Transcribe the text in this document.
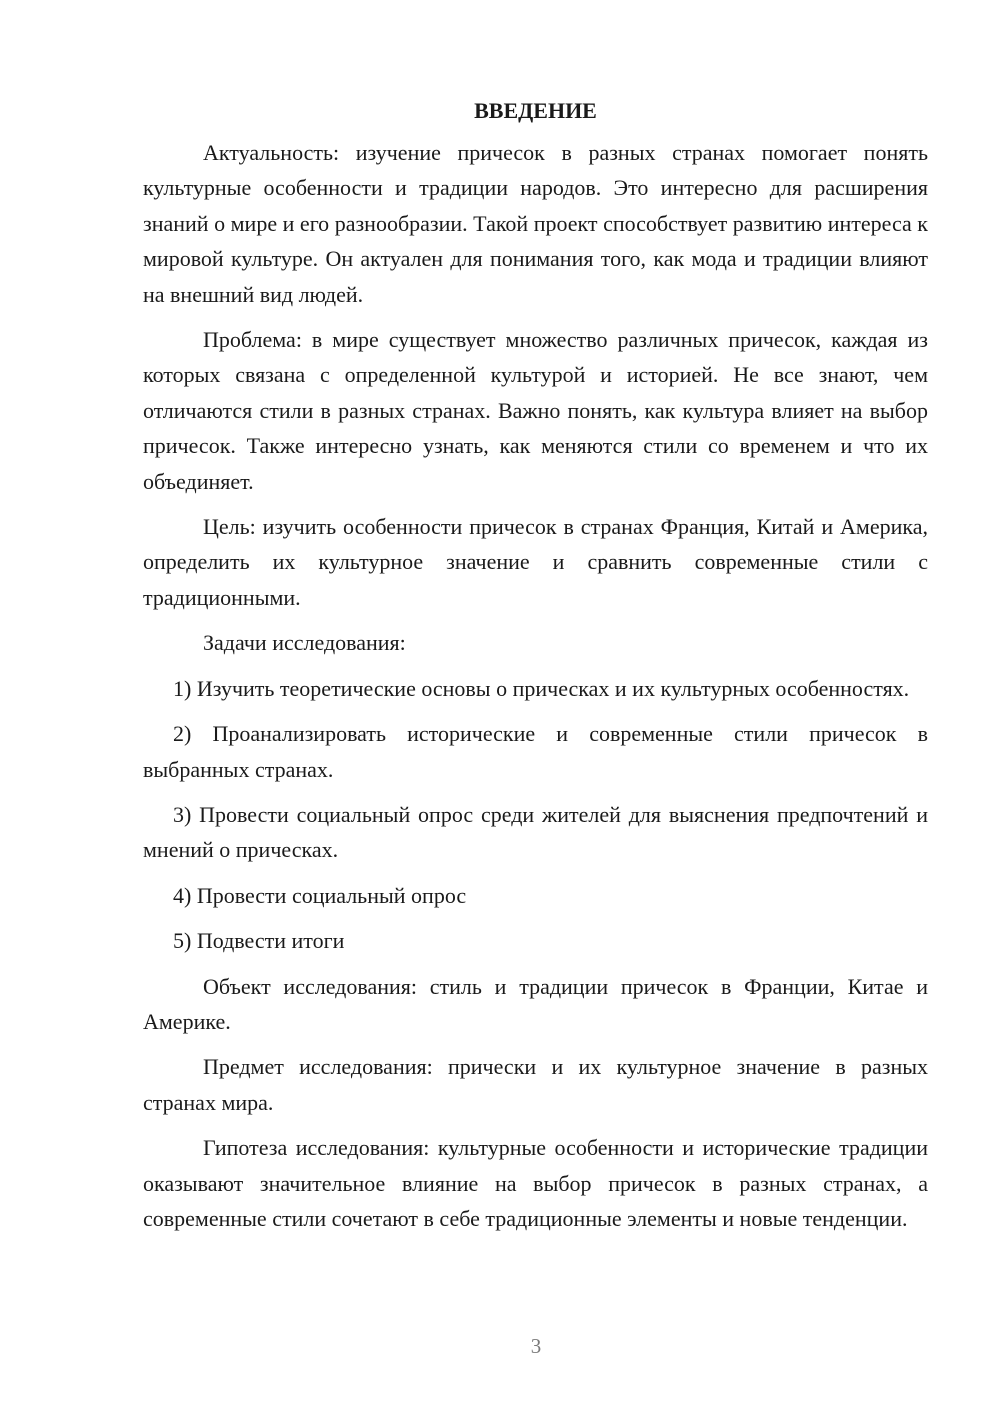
ВВЕДЕНИЕ

Актуальность: изучение причесок в разных странах помогает понять культурные особенности и традиции народов. Это интересно для расширения знаний о мире и его разнообразии. Такой проект способствует развитию интереса к мировой культуре. Он актуален для понимания того, как мода и традиции влияют на внешний вид людей.

Проблема: в мире существует множество различных причесок, каждая из которых связана с определенной культурой и историей. Не все знают, чем отличаются стили в разных странах. Важно понять, как культура влияет на выбор причесок. Также интересно узнать, как меняются стили со временем и что их объединяет.

Цель: изучить особенности причесок в странах Франция, Китай и Америка, определить их культурное значение и сравнить современные стили с традиционными.

Задачи исследования:

1) Изучить теоретические основы о прическах и их культурных особенностях.

2) Проанализировать исторические и современные стили причесок в выбранных странах.

3) Провести социальный опрос среди жителей для выяснения предпочтений и мнений о прическах.

4) Провести социальный опрос

5) Подвести итоги

Объект исследования: стиль и традиции причесок в Франции, Китае и Америке.

Предмет исследования: прически и их культурное значение в разных странах мира.

Гипотеза исследования: культурные особенности и исторические традиции оказывают значительное влияние на выбор причесок в разных странах, а современные стили сочетают в себе традиционные элементы и новые тенденции.

3
